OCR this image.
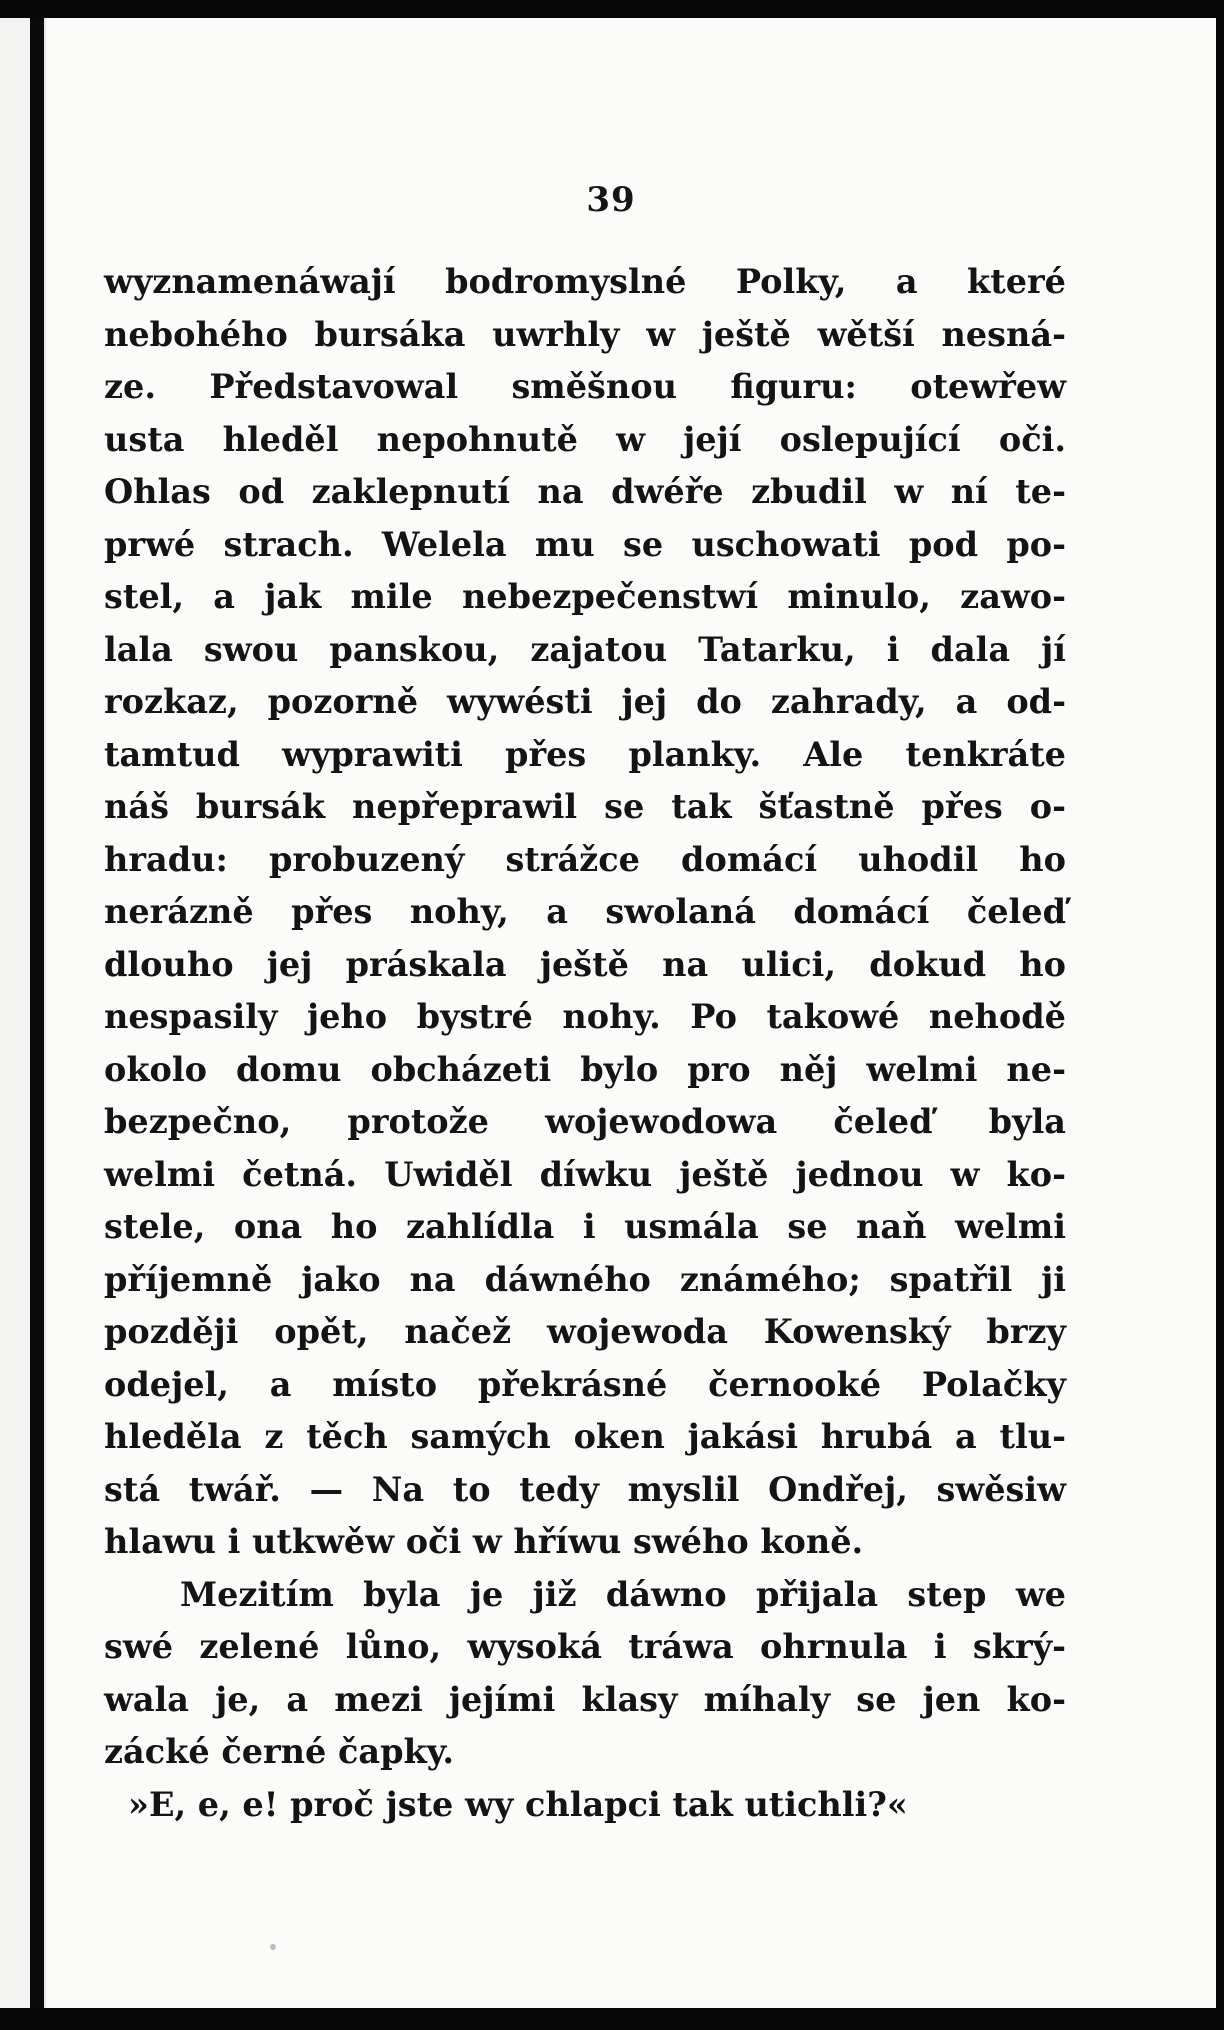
39
wyznamenáwají bodromyslné Polky, a které
nebohého bursáka uwrhly w ještě wětší nesná-
ze. Představowal směšnou figuru: otewřew
usta hleděl nepohnutě w její oslepující oči.
Ohlas od zaklepnutí na dwéře zbudil w ní te-
prwé strach. Welela mu se uschowati pod po-
stel, a jak mile nebezpečenstwí minulo, zawo-
lala swou panskou, zajatou Tatarku, i dala jí
rozkaz, pozorně wywésti jej do zahrady, a od-
tamtud wyprawiti přes planky. Ale tenkráte
náš bursák nepřeprawil se tak šťastně přes o-
hradu: probuzený strážce domácí uhodil ho
nerázně přes nohy, a swolaná domácí čeleď
dlouho jej práskala ještě na ulici, dokud ho
nespasily jeho bystré nohy. Po takowé nehodě
okolo domu obcházeti bylo pro něj welmi ne-
bezpečno, protože wojewodowa čeleď byla
welmi četná. Uwiděl díwku ještě jednou w ko-
stele, ona ho zahlídla i usmála se naň welmi
příjemně jako na dáwného známého; spatřil ji
později opět, načež wojewoda Kowenský brzy
odejel, a místo překrásné černooké Polačky
hleděla z těch samých oken jakási hrubá a tlu-
stá twář. — Na to tedy myslil Ondřej, swěsiw
hlawu i utkwěw oči w hříwu swého koně.
Mezitím byla je již dáwno přijala step we
swé zelené lůno, wysoká tráwa ohrnula i skrý-
wala je, a mezi jejími klasy míhaly se jen ko-
zácké černé čapky.
»E, e, e! proč jste wy chlapci tak utichli?«
